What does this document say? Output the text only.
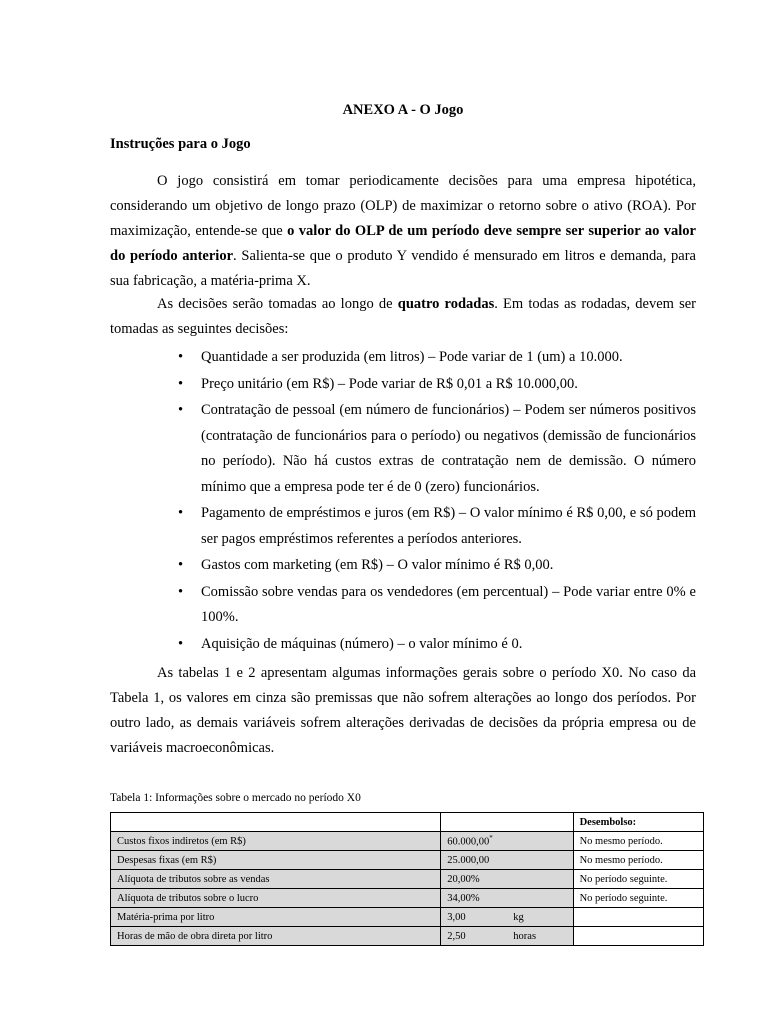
ANEXO A - O Jogo
Instruções para o Jogo

O jogo consistirá em tomar periodicamente decisões para uma empresa hipotética, considerando um objetivo de longo prazo (OLP) de maximizar o retorno sobre o ativo (ROA). Por maximização, entende-se que o valor do OLP de um período deve sempre ser superior ao valor do período anterior. Salienta-se que o produto Y vendido é mensurado em litros e demanda, para sua fabricação, a matéria-prima X.

As decisões serão tomadas ao longo de quatro rodadas. Em todas as rodadas, devem ser tomadas as seguintes decisões:

• Quantidade a ser produzida (em litros) – Pode variar de 1 (um) a 10.000.
• Preço unitário (em R$) – Pode variar de R$ 0,01 a R$ 10.000,00.
• Contratação de pessoal (em número de funcionários) – Podem ser números positivos (contratação de funcionários para o período) ou negativos (demissão de funcionários no período). Não há custos extras de contratação nem de demissão. O número mínimo que a empresa pode ter é de 0 (zero) funcionários.
• Pagamento de empréstimos e juros (em R$) – O valor mínimo é R$ 0,00, e só podem ser pagos empréstimos referentes a períodos anteriores.
• Gastos com marketing (em R$) – O valor mínimo é R$ 0,00.
• Comissão sobre vendas para os vendedores (em percentual) – Pode variar entre 0% e 100%.
• Aquisição de máquinas (número) – o valor mínimo é 0.

As tabelas 1 e 2 apresentam algumas informações gerais sobre o período X0. No caso da Tabela 1, os valores em cinza são premissas que não sofrem alterações ao longo dos períodos. Por outro lado, as demais variáveis sofrem alterações derivadas de decisões da própria empresa ou de variáveis macroeconômicas.

Tabela 1: Informações sobre o mercado no período X0
		Desembolso:
Custos fixos indiretos (em R$)	60.000,00*	No mesmo período.
Despesas fixas (em R$)	25.000,00	No mesmo período.
Alíquota de tributos sobre as vendas	20,00%	No período seguinte.
Alíquota de tributos sobre o lucro	34,00%	No período seguinte.
Matéria-prima por litro	3,00 kg	

Horas de mão de obra direta por litro	2,50 horas	
